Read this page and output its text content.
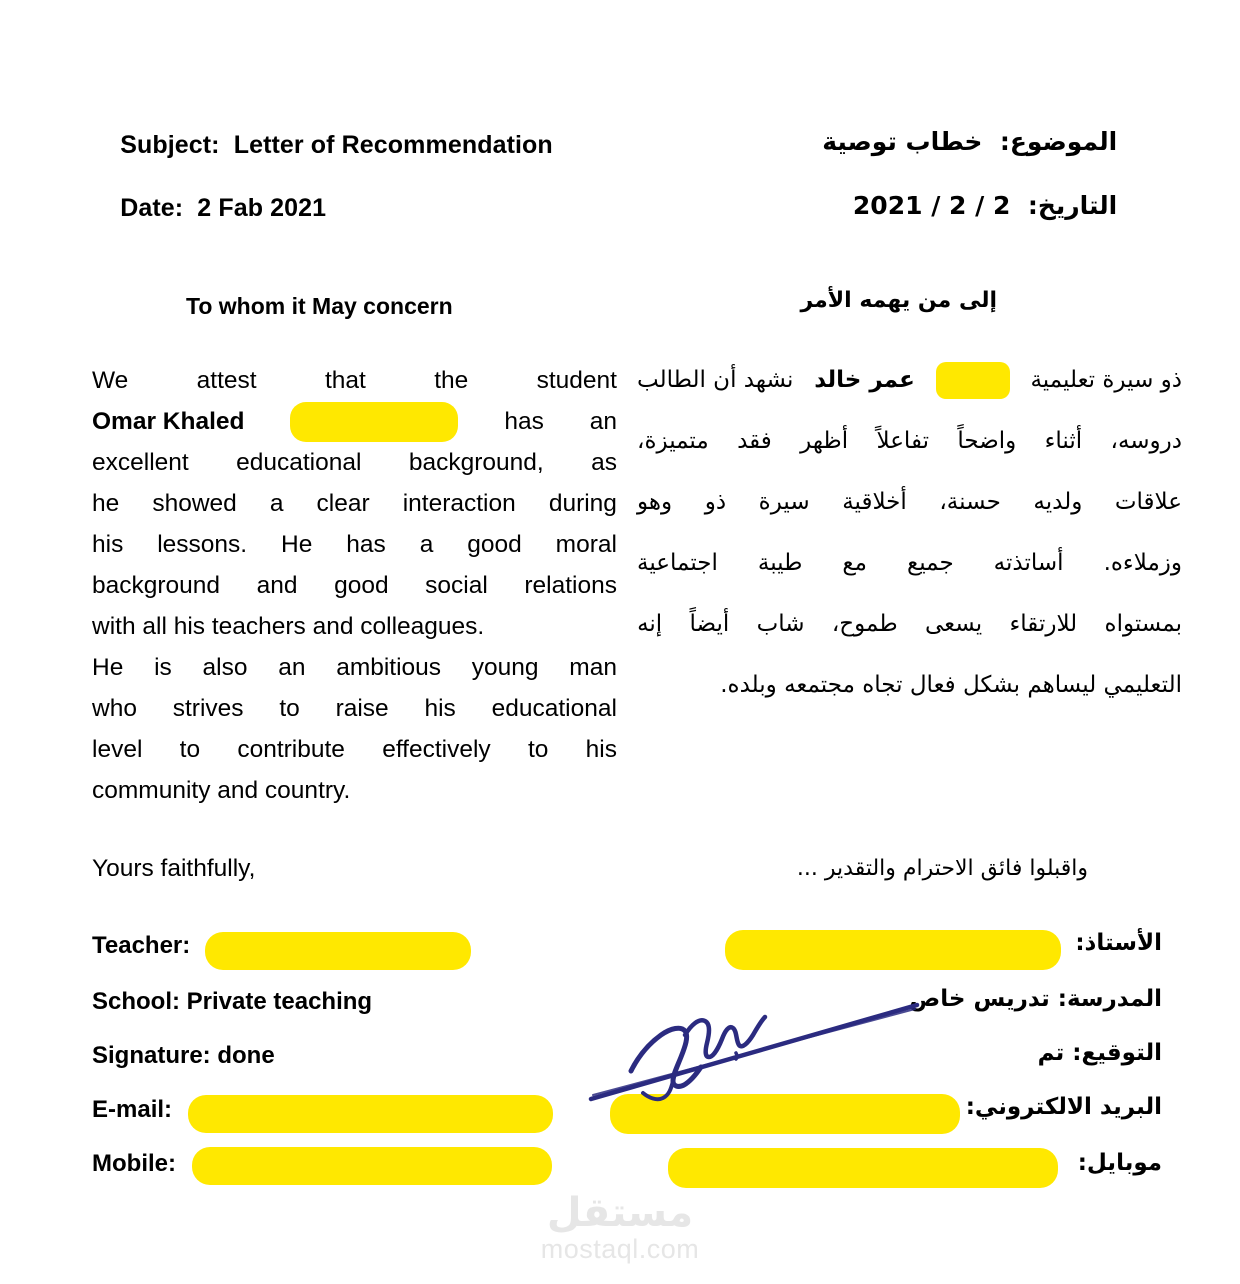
Subject: Letter of Recommendation

Date: 2 Fab 2021

الموضوع:  خطاب توصية

التاريخ:  2 / 2 / 2021

To whom it May concern	إلى من يهمه الأمر
We	attest	that	the	student
Omar Khaled	has an
excellent educational background, as
he showed a clear interaction during
his lessons. He has a good moral
background and good social relations
with all his teachers and colleagues.
He is also an ambitious young man
who strives to raise his educational
level to contribute effectively to his
community and country.
Yours faithfully,
نشهد أن الطالب عمر خالد	ذو سيرة تعليمية
متميزة، فقد أظهر تفاعلاً واضحاً أثناء دروسه،
وهو ذو سيرة أخلاقية حسنة، ولديه علاقات
اجتماعية طيبة مع جميع أساتذته وزملاءه.
إنه أيضاً شاب طموح، يسعى للارتقاء بمستواه
التعليمي ليساهم بشكل فعال تجاه مجتمعه وبلده.
واقبلوا فائق الاحترام والتقدير ...
Teacher:
School: Private teaching
Signature: done
E-mail:
Mobile:
الأستاذ:
المدرسة: تدريس خاص
التوقيع: تم
البريد الالكتروني:
موبايل:
مستقل
mostaql.com
